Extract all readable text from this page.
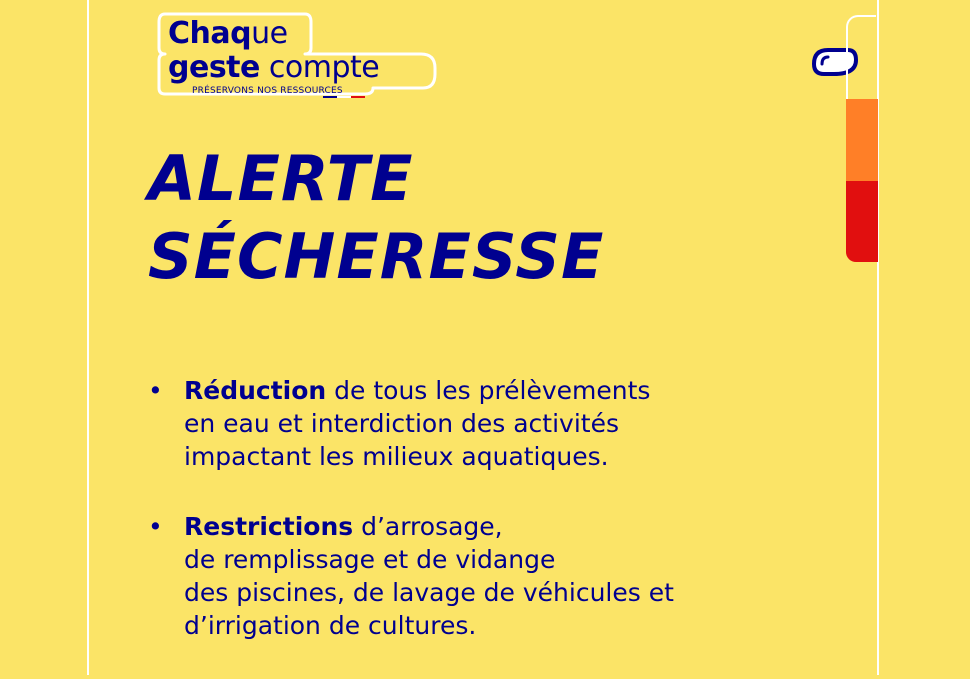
Chaque
geste compte
PRÉSERVONS NOS RESSOURCES
ALERTE
SÉCHERESSE
• Réduction de tous les prélèvements
en eau et interdiction des activités
impactant les milieux aquatiques.
• Restrictions d’arrosage,
de remplissage et de vidange
des piscines, de lavage de véhicules et
d’irrigation de cultures.
